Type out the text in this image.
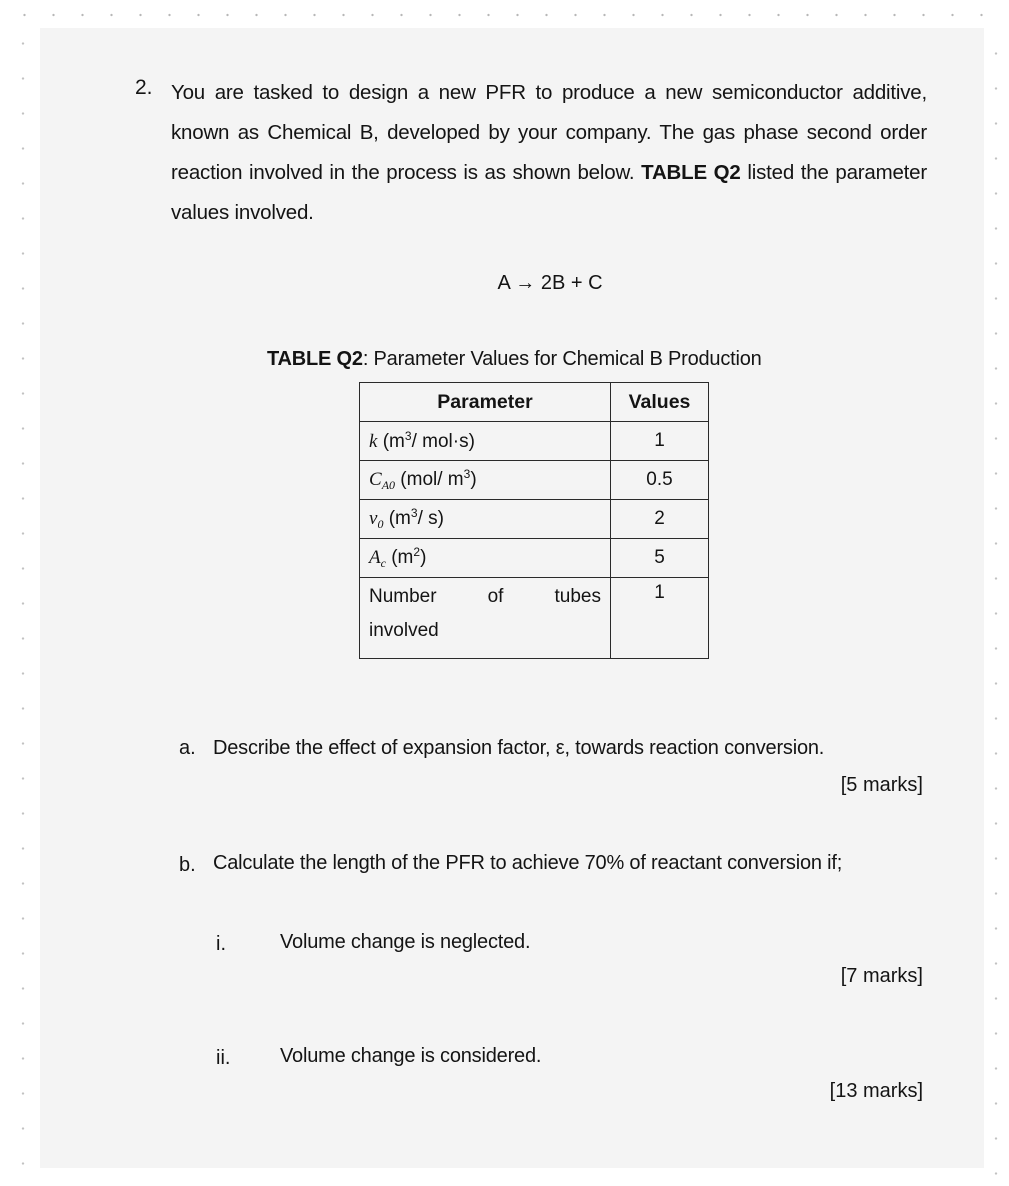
2. You are tasked to design a new PFR to produce a new semiconductor additive, known as Chemical B, developed by your company. The gas phase second order reaction involved in the process is as shown below. TABLE Q2 listed the parameter values involved.
A → 2B + C
TABLE Q2: Parameter Values for Chemical B Production
Parameter	Values
k ($m^3/$ mol·s)	1
$C_{A0}$ (mol/ $m^3$)	0.5
$v_0$ ($m^3/$ s)	2
$A_c$ $(m^2)$	5

Number of tubes
involved	1
a. Describe the effect of expansion factor, ε, towards reaction conversion.
[5 marks]
b. Calculate the length of the PFR to achieve 70% of reactant conversion if;
i.	Volume change is neglected.
[7 marks]
ii. Volume change is considered.
[13 marks]
